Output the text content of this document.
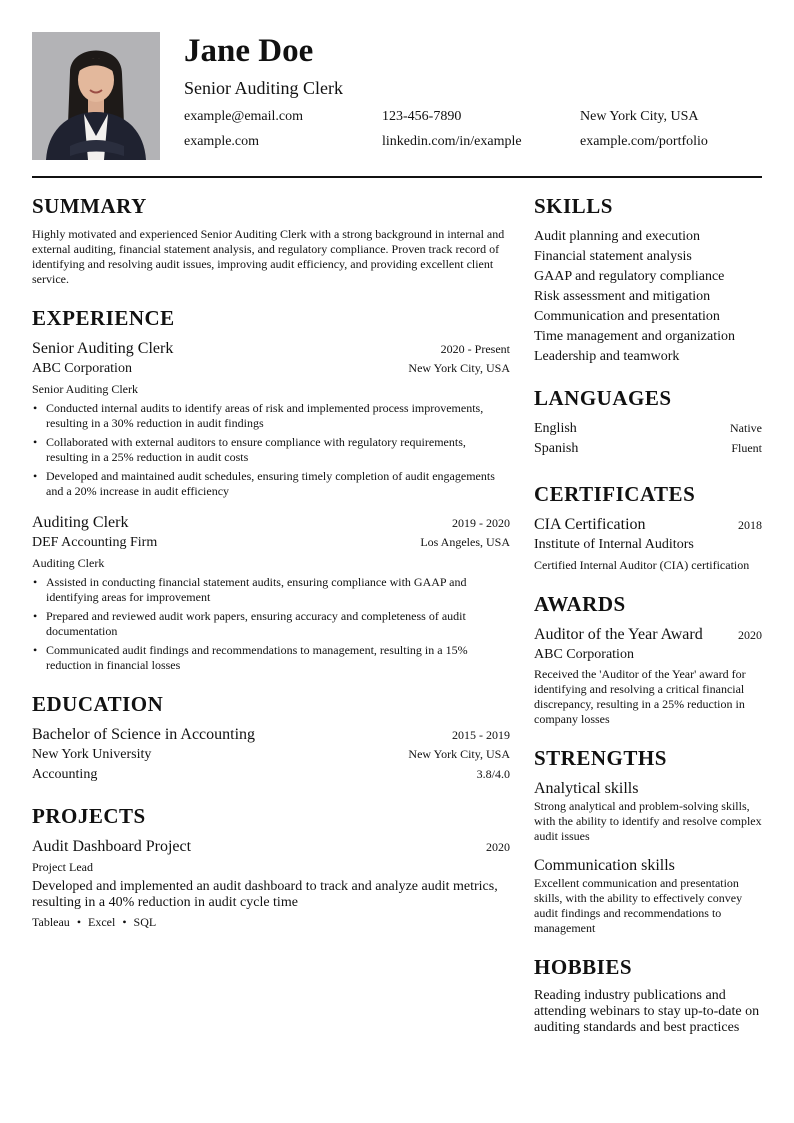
Jane Doe
Senior Auditing Clerk
example@email.com	123-456-7890	New York City, USA
example.com	linkedin.com/in/example	example.com/portfolio
SUMMARY

Highly motivated and experienced Senior Auditing Clerk with a strong background in internal and external auditing, financial statement analysis, and regulatory compliance. Proven track record of identifying and resolving audit issues, improving audit efficiency, and providing excellent client service.

EXPERIENCE
Senior Auditing Clerk	2020 - Present
ABC Corporation	New York City, USA
Senior Auditing Clerk
• Conducted internal audits to identify areas of risk and implemented process improvements, resulting in a 30% reduction in audit findings
• Collaborated with external auditors to ensure compliance with regulatory requirements, resulting in a 25% reduction in audit costs
• Developed and maintained audit schedules, ensuring timely completion of audit engagements and a 20% increase in audit efficiency
Auditing Clerk	2019 - 2020
DEF Accounting Firm	Los Angeles, USA
Auditing Clerk
• Assisted in conducting financial statement audits, ensuring compliance with GAAP and identifying areas for improvement
• Prepared and reviewed audit work papers, ensuring accuracy and completeness of audit documentation
• Communicated audit findings and recommendations to management, resulting in a 15% reduction in financial losses
EDUCATION
Bachelor of Science in Accounting	2015 - 2019
New York University	New York City, USA
Accounting	3.8/4.0
PROJECTS
Audit Dashboard Project	2020
Project Lead
Developed and implemented an audit dashboard to track and analyze audit metrics, resulting in a 40% reduction in audit cycle time
Tableau • Excel • SQL
SKILLS
Audit planning and execution
Financial statement analysis
GAAP and regulatory compliance
Risk assessment and mitigation
Communication and presentation
Time management and organization
Leadership and teamwork
LANGUAGES
English	Native
Spanish	Fluent
CERTIFICATES
CIA Certification	2018
Institute of Internal Auditors
Certified Internal Auditor (CIA) certification
AWARDS
Auditor of the Year Award	2020
ABC Corporation
Received the 'Auditor of the Year' award for identifying and resolving a critical financial discrepancy, resulting in a 25% reduction in company losses
STRENGTHS
Analytical skills
Strong analytical and problem-solving skills, with the ability to identify and resolve complex audit issues
Communication skills
Excellent communication and presentation skills, with the ability to effectively convey audit findings and recommendations to management
HOBBIES
Reading industry publications and attending webinars to stay up-to-date on auditing standards and best practices
